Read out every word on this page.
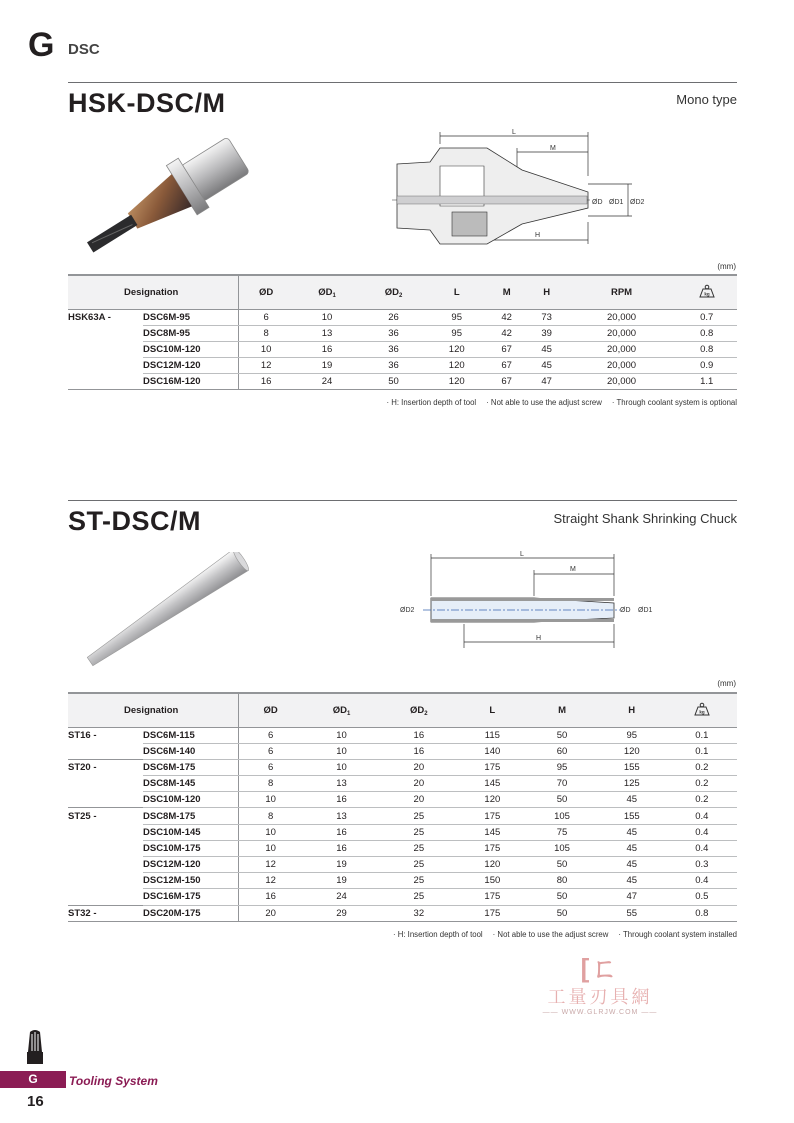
G DSC
HSK-DSC/M	Mono type
L
M
H
ØD ØD1 ØD2
(mm)
Designation		ØD	$ØD_1$	$ØD_2$	L	M	H	RPM	kg

HSK63A -	DSC6M-95	6	10	26	95	42	73	20,000	0.7
	DSC8M-95	8	13	36	95	42	39	20,000	0.8
	DSC10M-120	10	16	36	120	67	45	20,000	0.8
	DSC12M-120	12	19	36	120	67	45	20,000	0.9
	DSC16M-120	16	24	50	120	67	47	20,000	1.1
· H: Insertion depth of tool · Not able to use the adjust screw · Through coolant system is optional
ST-DSC/M	Straight Shank Shrinking Chuck
L
M
H
ØD2	ØD ØD1
(mm)
Designation		ØD	$ØD_1$	$ØD_2$	L	M	H	kg

ST16 -	DSC6M-115	6	10	16	115	50	95	0.1
	DSC6M-140	6	10	16	140	60	120	0.1
ST20 -	DSC6M-175	6	10	20	175	95	155	0.2
	DSC8M-145	8	13	20	145	70	125	0.2
	DSC10M-120	10	16	20	120	50	45	0.2
ST25 -	DSC8M-175	8	13	25	175	105	155	0.4
	DSC10M-145	10	16	25	145	75	45	0.4
	DSC10M-175	10	16	25	175	105	45	0.4
	DSC12M-120	12	19	25	120	50	45	0.3
	DSC12M-150	12	19	25	150	80	45	0.4
	DSC16M-175	16	24	25	175	50	47	0.5
ST32 -	DSC20M-175	20	29	32	175	50	55	0.8
· H: Insertion depth of tool · Not able to use the adjust screw · Through coolant system installed
[ㄈ
工量刃具網
—— WWW.GLRJW.COM ——
G	Tooling System
16
